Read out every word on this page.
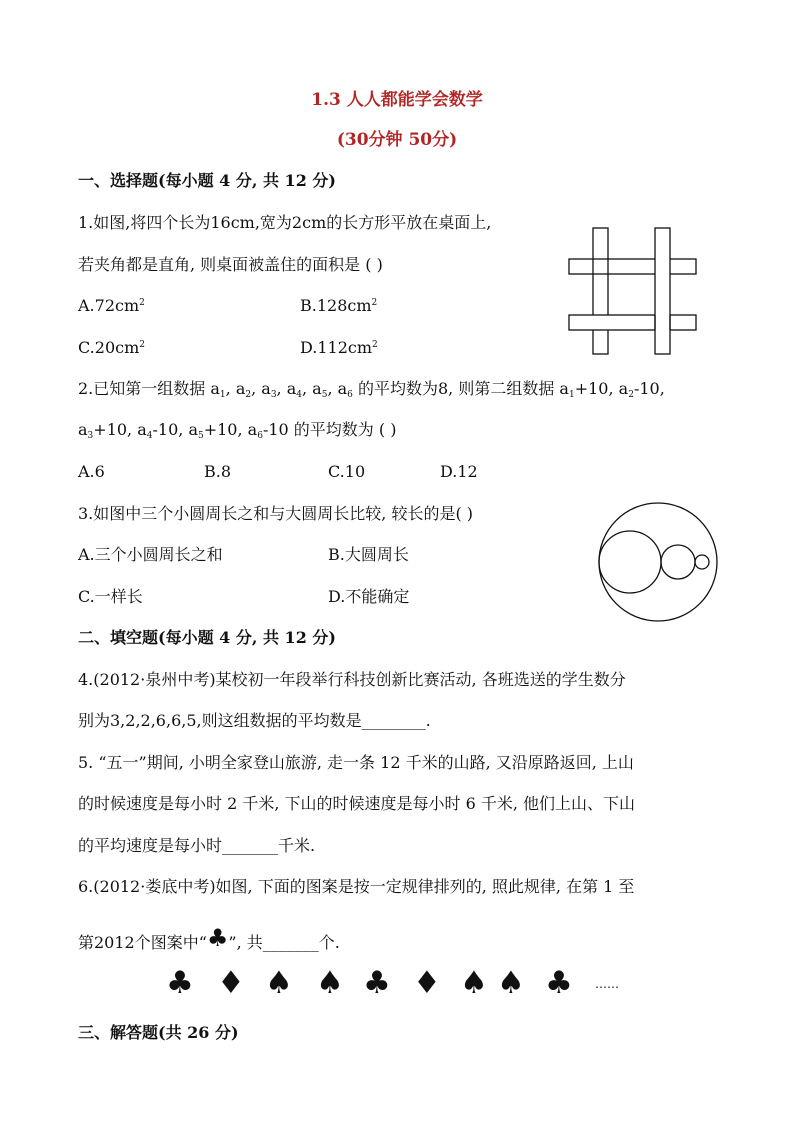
1.3 人人都能学会数学
(30分钟 50分)
一、选择题(每小题 4 分, 共 12 分)
1.如图,将四个长为16cm,宽为2cm的长方形平放在桌面上,
若夹角都是直角, 则桌面被盖住的面积是 ( )
$A.72cm^2$	$B.128cm^2$
$C.20cm^2$	$D.112cm^2$
2.已知第一组数据 $a_1$, $a_2$, $a_3$, $a_4$, $a_5$, $a_6$ 的平均数为8, 则第二组数据 $a_1+10$, $a_2-10$,
$a_3+10$, $a_4-10$, $a_5+10$, $a_6-10$ 的平均数为 ( )
A.6	B.8	C.10	D.12
3.如图中三个小圆周长之和与大圆周长比较, 较长的是( )
A.三个小圆周长之和	B.大圆周长
C.一样长	D.不能确定
二、填空题(每小题 4 分, 共 12 分)
4.(2012·泉州中考)某校初一年段举行科技创新比赛活动, 各班选送的学生数分
别为3,2,2,6,6,5,则这组数据的平均数是________.
5. “五一”期间, 小明全家登山旅游, 走一条 12 千米的山路, 又沿原路返回, 上山
的时候速度是每小时 2 千米, 下山的时候速度是每小时 6 千米, 他们上山、下山
的平均速度是每小时_______千米.
6.(2012·娄底中考)如图, 下面的图案是按一定规律排列的, 照此规律, 在第 1 至
第2012个图案中“♣”, 共_______个.
♣ ♦ ♠ ♠ ♣ ♦ ♠ ♠ ♣ ……
三、解答题(共 26 分)
